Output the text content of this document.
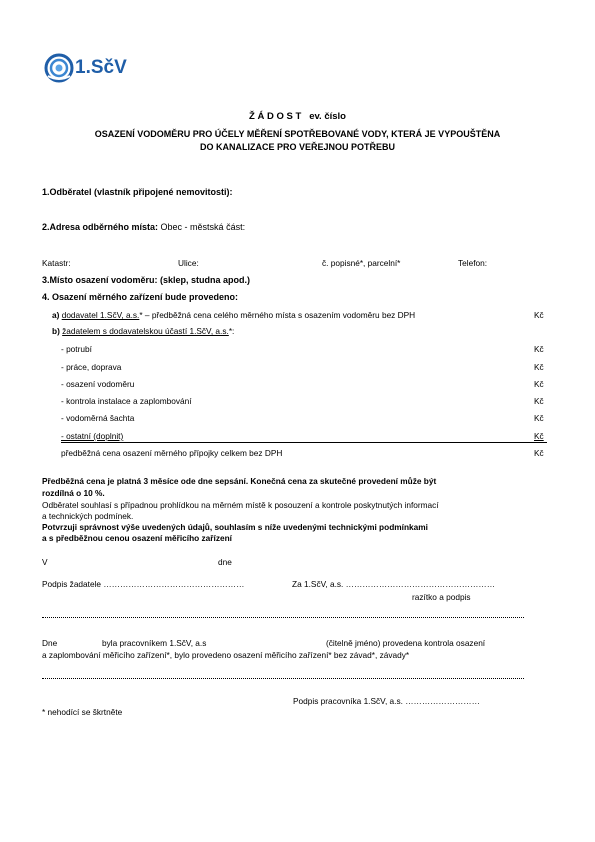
1.SčV
Ž Á D O S T ev. číslo
OSAZENÍ VODOMĚRU PRO ÚČELY MĚŘENÍ SPOTŘEBOVANÉ VODY, KTERÁ JE VYPOUŠTĚNA
DO KANALIZACE PRO VEŘEJNOU POTŘEBU
1.Odběratel (vlastník připojené nemovitosti):
2.Adresa odběrného místa: Obec - městská část:
Katastr:	Ulice:	č. popisné*, parcelní*	Telefon:
3.Místo osazení vodoměru: (sklep, studna apod.)
4. Osazení měrného zařízení bude provedeno:
a) dodavatel 1.SčV, a.s.* – předběžná cena celého měrného místa s osazením vodoměru bez DPH	Kč
b) žadatelem s dodavatelskou účastí 1.SčV, a.s.*:
- potrubí	Kč
- práce, doprava	Kč
- osazení vodoměru	Kč
- kontrola instalace a zaplombování	Kč
- vodoměrná šachta	Kč
- ostatní (doplnit)	Kč
předběžná cena osazení měrného přípojky celkem bez DPH	Kč
Předběžná cena je platná 3 měsíce ode dne sepsání. Konečná cena za skutečné provedení může být
rozdílná o 10 %.
Odběratel souhlasí s případnou prohlídkou na měrném místě k posouzení a kontrole poskytnutých informací
a technických podmínek.
Potvrzuji správnost výše uvedených údajů, souhlasím s níže uvedenými technickými podmínkami
a s předběžnou cenou osazení měřicího zařízení
V	dne
Podpis žadatele ……………………………………………	Za 1.SčV, a.s. ………………………………………………
razítko a podpis
Dne	byla pracovníkem 1.SčV, a.s	(čitelně jméno) provedena kontrola osazení
a zaplombování měřicího zařízení*, bylo provedeno osazení měřicího zařízení* bez závad*, závady*
Podpis pracovníka 1.SčV, a.s. ………………………
* nehodící se škrtněte
